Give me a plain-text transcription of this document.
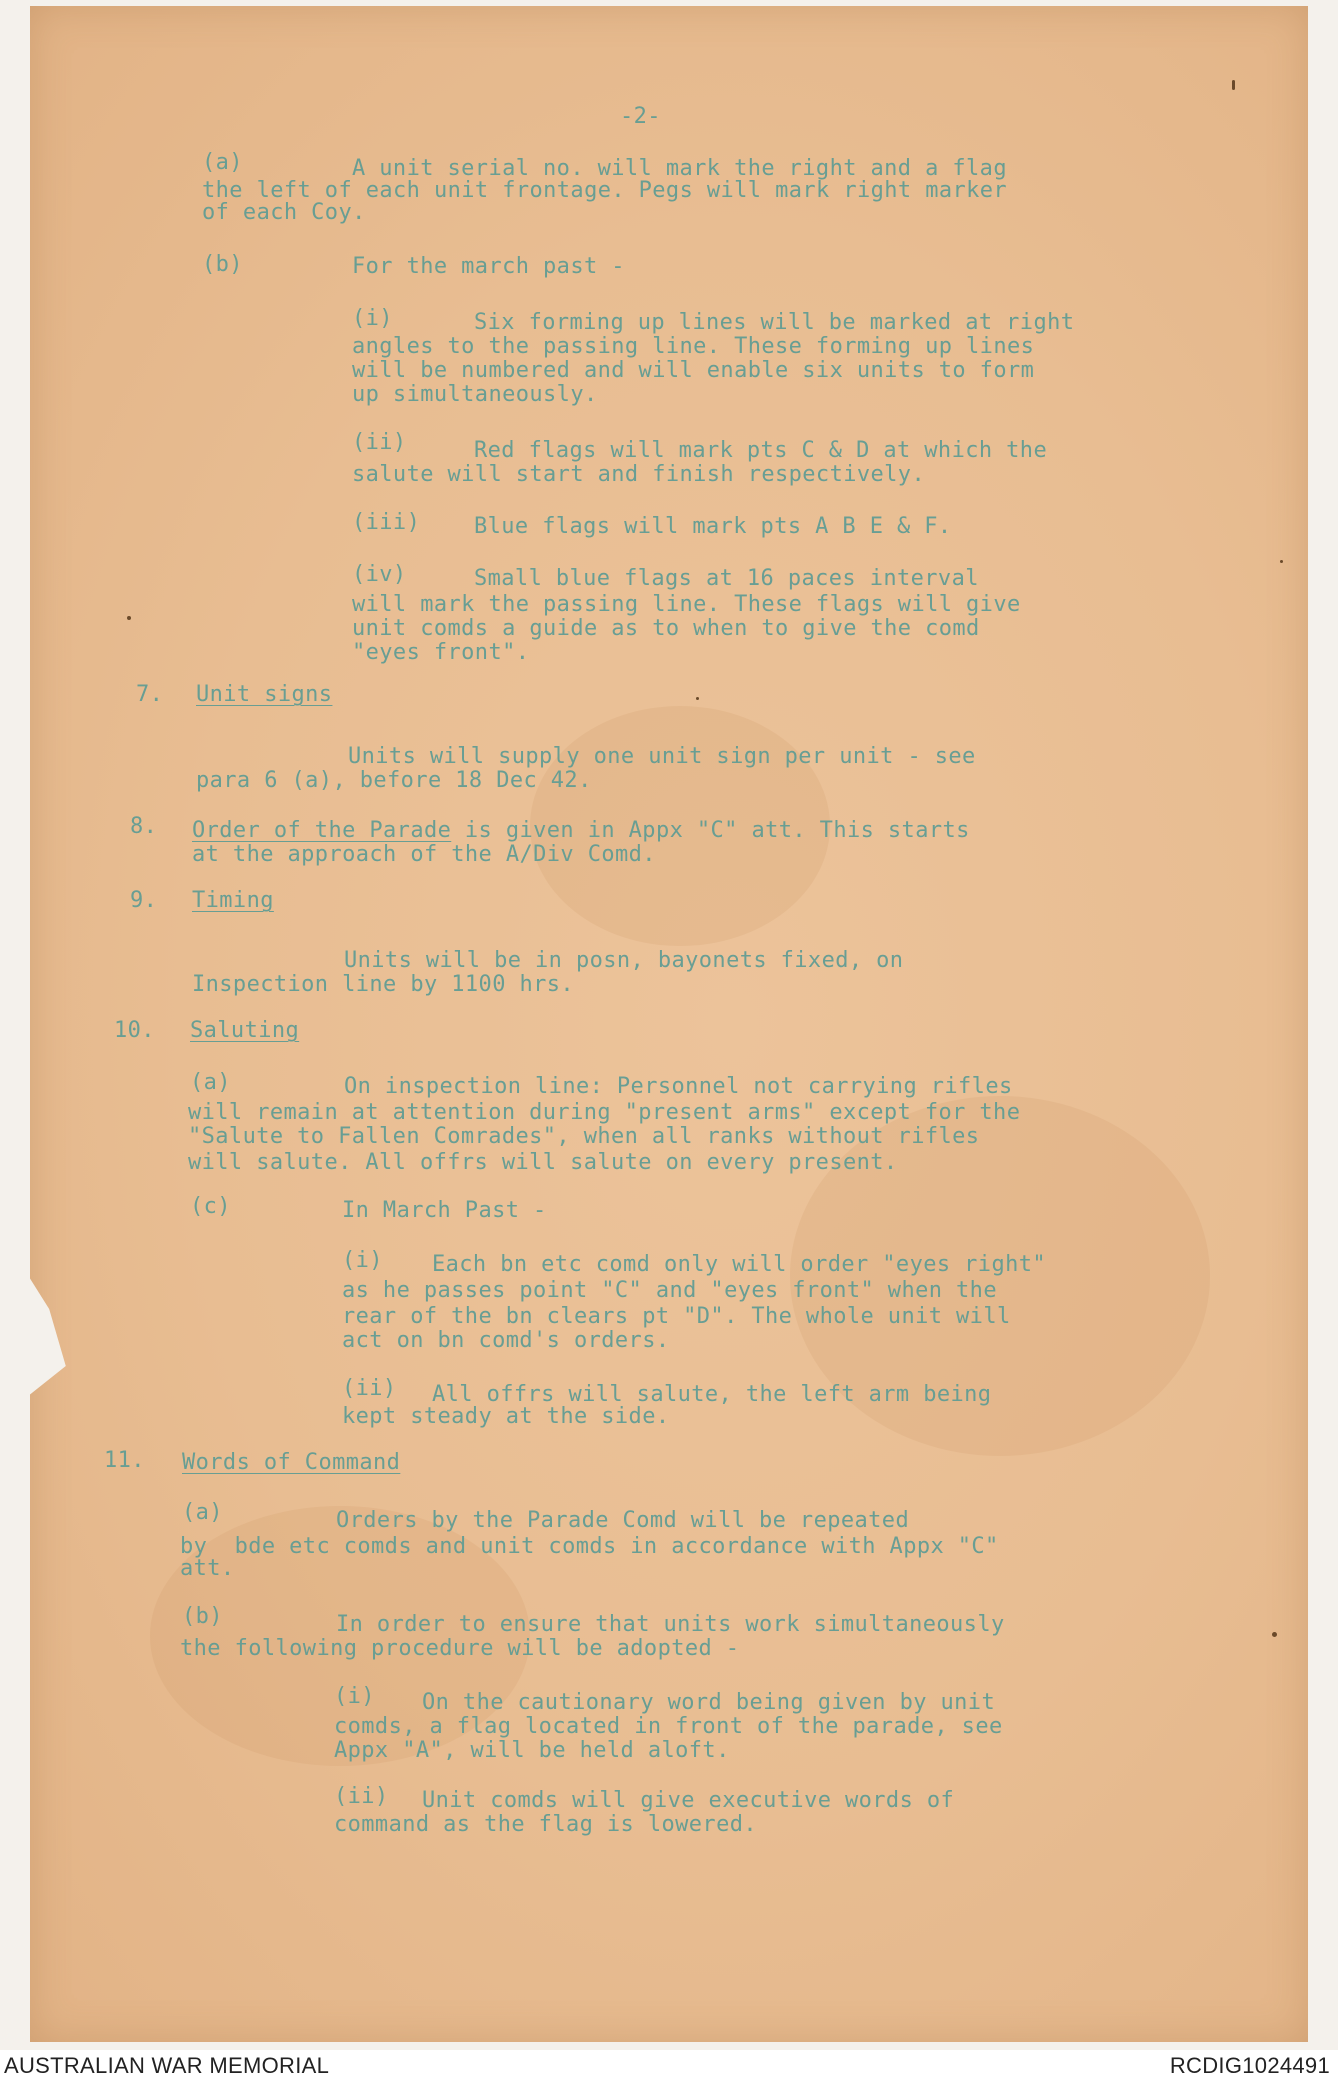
-2-
(a)	A unit serial no. will mark the right and a flag
the left of each unit frontage. Pegs will mark right marker
of each Coy.
(b)	For the march past -
(i)	Six forming up lines will be marked at right
angles to the passing line. These forming up lines
will be numbered and will enable six units to form
up simultaneously.
(ii)	Red flags will mark pts C & D at which the
salute will start and finish respectively.
(iii) Blue flags will mark pts A B E & F.
(iv)	Small blue flags at 16 paces interval
will mark the passing line. These flags will give
unit comds a guide as to when to give the comd
"eyes front".
7. Unit signs
Units will supply one unit sign per unit - see
para 6 (a), before 18 Dec 42.
8. Order of the Parade is given in Appx "C" att. This starts
at the approach of the A/Div Comd.
9. Timing
Units will be in posn, bayonets fixed, on
Inspection line by 1100 hrs.
10. Saluting
(a)	On inspection line: Personnel not carrying rifles
will remain at attention during "present arms" except for the
"Salute to Fallen Comrades", when all ranks without rifles
will salute. All offrs will salute on every present.
(c)	In March Past -
(i) Each bn etc comd only will order "eyes right"
as he passes point "C" and "eyes front" when the
rear of the bn clears pt "D". The whole unit will
act on bn comd's orders.
(ii) All offrs will salute, the left arm being
kept steady at the side.
11. Words of Command
(a)	Orders by the Parade Comd will be repeated
by  bde etc comds and unit comds in accordance with Appx "C"
att.
(b)	In order to ensure that units work simultaneously
the following procedure will be adopted -
(i) On the cautionary word being given by unit
comds, a flag located in front of the parade, see
Appx "A", will be held aloft.
(ii) Unit comds will give executive words of
command as the flag is lowered.
AUSTRALIAN WAR MEMORIAL	RCDIG1024491
